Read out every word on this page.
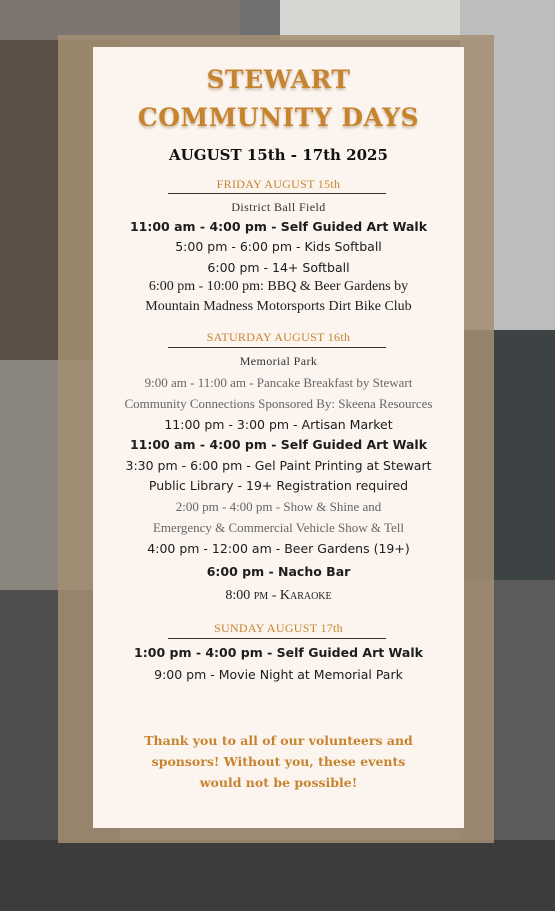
STEWART
COMMUNITY DAYS
AUGUST 15th - 17th 2025
FRIDAY AUGUST 15th
District Ball Field
11:00 am - 4:00 pm - Self Guided Art Walk
5:00 pm - 6:00 pm - Kids Softball
6:00 pm - 14+ Softball
6:00 pm - 10:00 pm: BBQ & Beer Gardens by
Mountain Madness Motorsports Dirt Bike Club
SATURDAY AUGUST 16th
Memorial Park
9:00 am - 11:00 am - Pancake Breakfast by Stewart
Community Connections Sponsored By: Skeena Resources
11:00 pm - 3:00 pm - Artisan Market
11:00 am - 4:00 pm - Self Guided Art Walk
3:30 pm - 6:00 pm - Gel Paint Printing at Stewart
Public Library - 19+ Registration required
2:00 pm - 4:00 pm - Show & Shine and
Emergency & Commercial Vehicle Show & Tell
4:00 pm - 12:00 am - Beer Gardens (19+)
6:00 pm - Nacho Bar
8:00 pm - Karaoke
SUNDAY AUGUST 17th
1:00 pm - 4:00 pm - Self Guided Art Walk
9:00 pm - Movie Night at Memorial Park
Thank you to all of our volunteers and
sponsors! Without you, these events
would not be possible!
